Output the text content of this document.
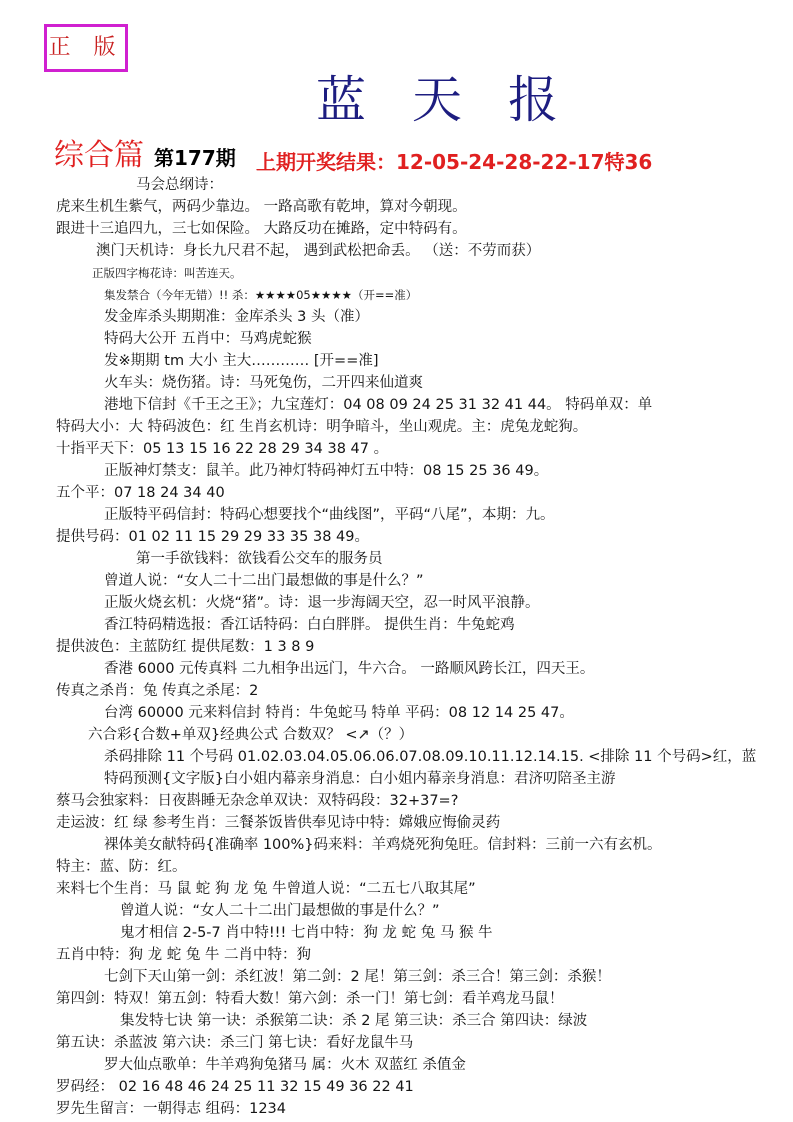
正 版
蓝天报
综合篇 第177期 上期开奖结果：12-05-24-28-22-17特36
马会总纲诗：
虎来生机生紫气，两码少靠边。 一路高歌有乾坤，算对今朝现。
跟进十三追四九，三七如保险。 大路反功在摊路，定中特码有。
澳门天机诗：身长九尺君不起， 遇到武松把命丢。 （送：不劳而获）
正版四字梅花诗：叫苦连天。
集发禁合（今年无错）!! 杀：★★★★05★★★★（开==准）
发金库杀头期期准：金库杀头 3 头（准）
特码大公开 五肖中：马鸡虎蛇猴
发※期期 tm 大小 主大………… [开==准]
火车头：烧伤猪。诗：马死兔伤，二开四来仙道爽
港地下信封《千王之王》；九宝莲灯：04 08 09 24 25 31 32 41 44。 特码单双：单
特码大小：大 特码波色：红 生肖玄机诗：明争暗斗，坐山观虎。主：虎兔龙蛇狗。
十指平天下：05 13 15 16 22 28 29 34 38 47 。
正版神灯禁支：鼠羊。此乃神灯特码神灯五中特：08 15 25 36 49。
五个平：07 18 24 34 40
正版特平码信封：特码心想要找个“曲线图”，平码“八尾”，本期：九。
提供号码：01 02 11 15 29 29 33 35 38 49。
第一手欲钱料：欲钱看公交车的服务员
曾道人说：“女人二十二出门最想做的事是什么？”
正版火烧玄机：火烧“猪”。诗：退一步海阔天空，忍一时风平浪静。
香江特码精选报：香江话特码：白白胖胖。 提供生肖：牛兔蛇鸡
提供波色：主蓝防红 提供尾数：1 3 8 9
香港 6000 元传真料 二九相争出远门，牛六合。 一路顺风跨长江，四天王。
传真之杀肖：兔 传真之杀尾：2
台湾 60000 元来料信封 特肖：牛兔蛇马 特单 平码：08 12 14 25 47。
六合彩{合数+单双}经典公式 合数双？ <↗（？）
杀码排除 11 个号码 01.02.03.04.05.06.06.07.08.09.10.11.12.14.15. <排除 11 个号码>红，蓝
特码预测{文字版}白小姐内幕亲身消息：白小姐内幕亲身消息：君济叨陪圣主游
蔡马会独家料：日夜斟睡无杂念单双诀：双特码段：32+37=?
走运波：红 绿 参考生肖：三餐茶饭皆供奉见诗中特：嫦娥应悔偷灵药
裸体美女献特码{准确率 100%}码来料：羊鸡烧死狗兔旺。信封料：三前一六有玄机。
特主：蓝、防：红。
来料七个生肖：马 鼠 蛇 狗 龙 兔 牛曾道人说：“二五七八取其尾”
曾道人说：“女人二十二出门最想做的事是什么？”
鬼才相信 2-5-7 肖中特!!! 七肖中特：狗 龙 蛇 兔 马 猴 牛
五肖中特：狗 龙 蛇 兔 牛 二肖中特：狗
七剑下天山第一剑：杀红波！第二剑：2 尾！第三剑：杀三合！第三剑：杀猴！
第四剑：特双！第五剑：特看大数！第六剑：杀一门！第七剑：看羊鸡龙马鼠！
集发特七诀 第一诀：杀猴第二诀：杀 2 尾 第三诀：杀三合 第四诀：绿波
第五诀：杀蓝波 第六诀：杀三门 第七诀：看好龙鼠牛马
罗大仙点歌单：牛羊鸡狗兔猪马 属：火木 双蓝红 杀值金
罗码经： 02 16 48 46 24 25 11 32 15 49 36 22 41
罗先生留言：一朝得志 组码：1234
